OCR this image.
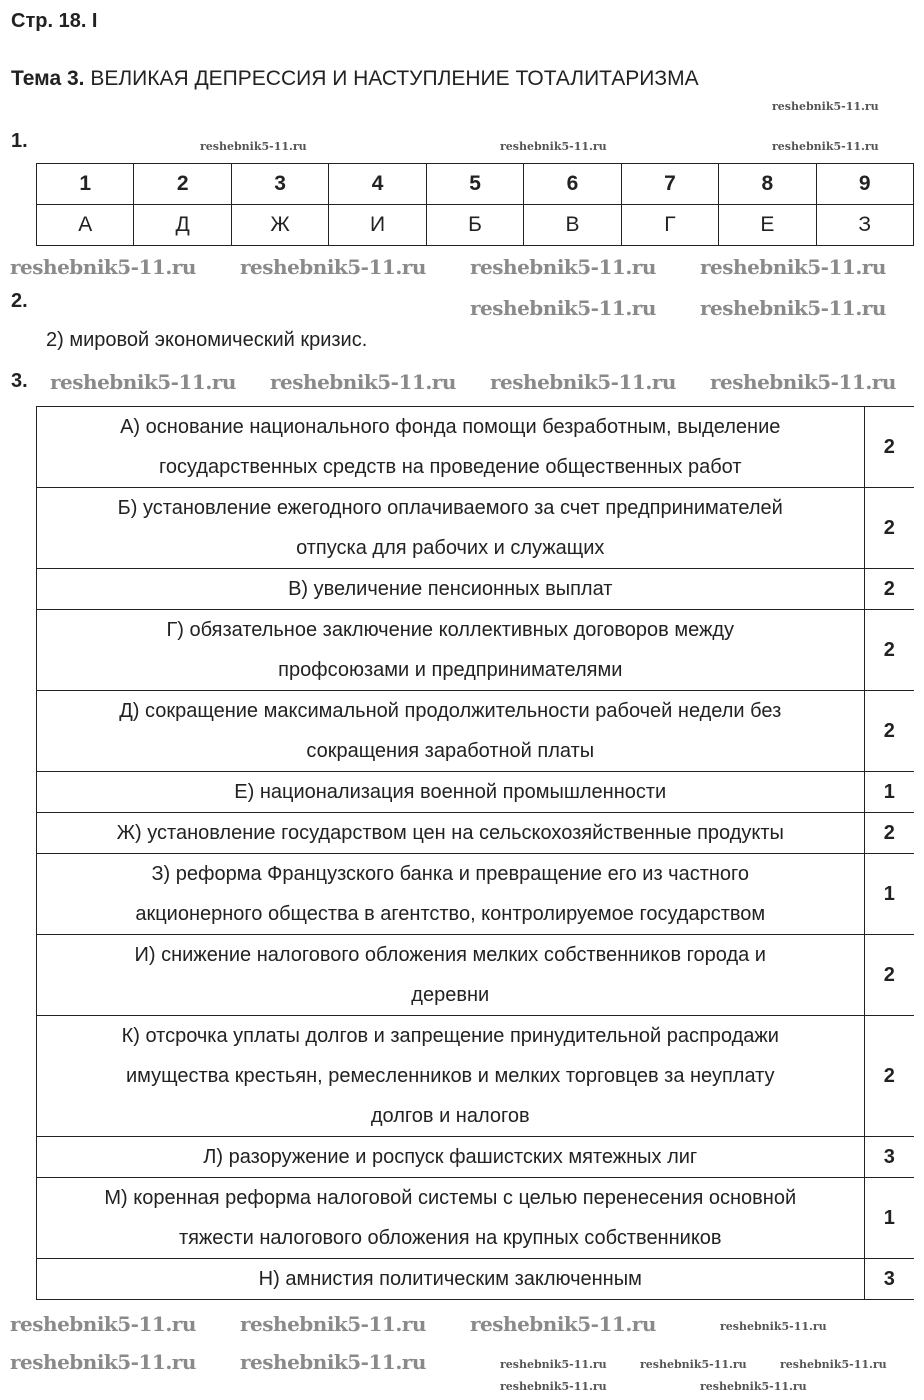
Стр. 18. I
Тема 3. ВЕЛИКАЯ ДЕПРЕССИЯ И НАСТУПЛЕНИЕ ТОТАЛИТАРИЗМА
1.
1	2	3	4	5	6	7	8	9
А	Д	Ж	И	Б	В	Г	Е	З
2.
2) мировой экономический кризис.
3.
А) основание национального фонда помощи безработным, выделение
государственных средств на проведение общественных работ	2

Б) установление ежегодного оплачиваемого за счет предпринимателей
отпуска для рабочих и служащих	2

В) увеличение пенсионных выплат	2

Г) обязательное заключение коллективных договоров между
профсоюзами и предпринимателями	2

Д) сокращение максимальной продолжительности рабочей недели без
сокращения заработной платы	2

Е) национализация военной промышленности	1

Ж) установление государством цен на сельскохозяйственные продукты	2

З) реформа Французского банка и превращение его из частного
акционерного общества в агентство, контролируемое государством	1

И) снижение налогового обложения мелких собственников города и
деревни	2

К) отсрочка уплаты долгов и запрещение принудительной распродажи
имущества крестьян, ремесленников и мелких торговцев за неуплату
долгов и налогов	2

Л) разоружение и роспуск фашистских мятежных лиг	3

М) коренная реформа налоговой системы с целью перенесения основной
тяжести налогового обложения на крупных собственников	1

Н) амнистия политическим заключенным	3
reshebnik5-11.ru
reshebnik5-11.ru	reshebnik5-11.ru	reshebnik5-11.ru
reshebnik5-11.ru reshebnik5-11.ru reshebnik5-11.ru reshebnik5-11.ru
reshebnik5-11.ru reshebnik5-11.ru
reshebnik5-11.ru reshebnik5-11.ru reshebnik5-11.ru reshebnik5-11.ru
reshebnik5-11.ru reshebnik5-11.ru reshebnik5-11.ru
reshebnik5-11.ru reshebnik5-11.ru
reshebnik5-11.ru
reshebnik5-11.ru	reshebnik5-11.ru	reshebnik5-11.ru
reshebnik5-11.ru	reshebnik5-11.ru
